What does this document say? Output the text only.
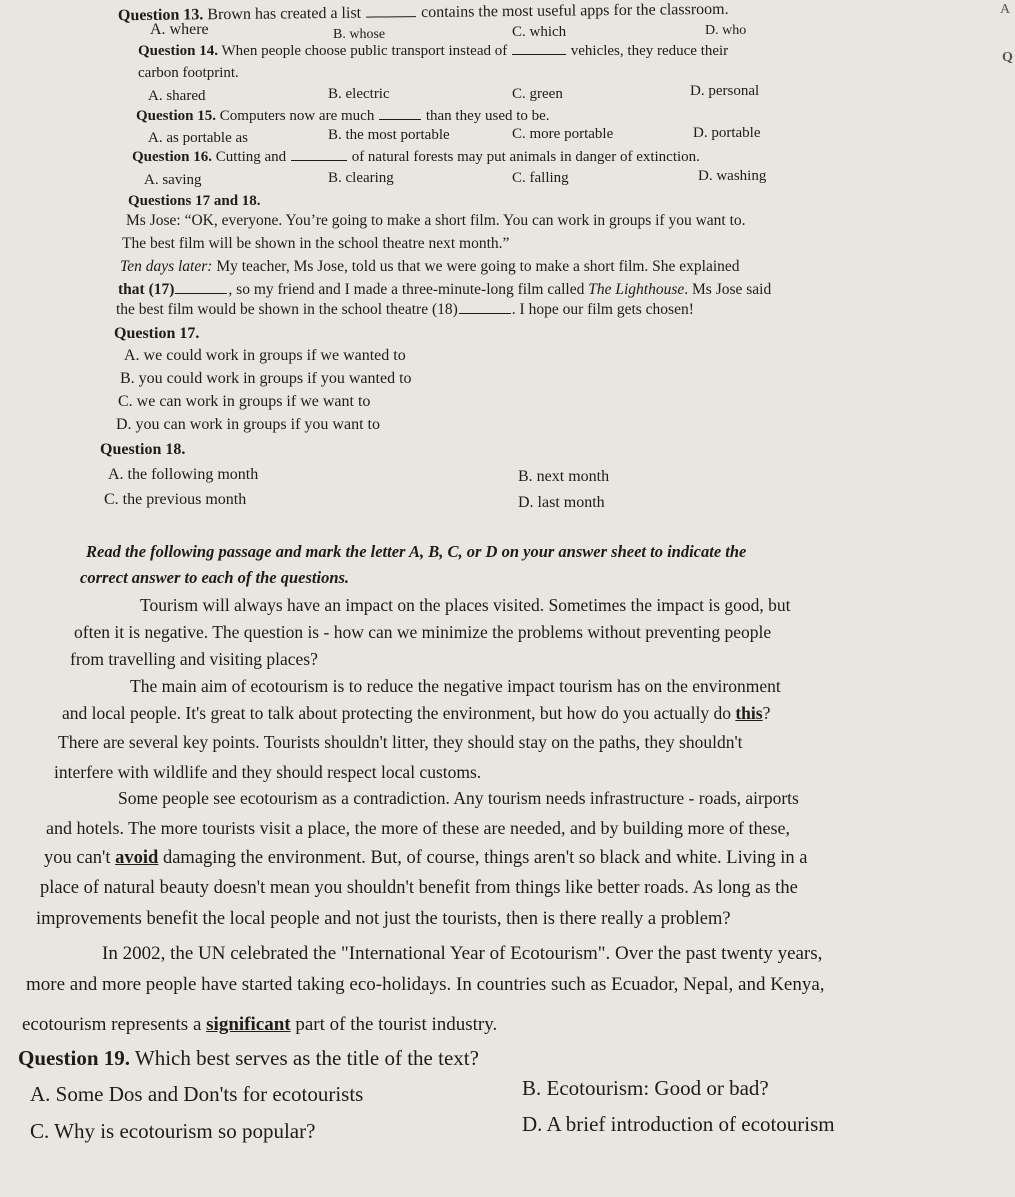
Question 13. Brown has created a list	contains the most useful apps for the classroom.
A. where	B. whose	C. which	D. who
Question 14. When people choose public transport instead of	vehicles, they reduce their
carbon footprint.
A. shared	B. electric	C. green	D. personal
Question 15. Computers now are much	than they used to be.
A. as portable as	B. the most portable	C. more portable	D. portable
Question 16. Cutting and	of natural forests may put animals in danger of extinction.
A. saving	B. clearing	C. falling	D. washing
Questions 17 and 18.
Ms Jose: “OK, everyone. You’re going to make a short film. You can work in groups if you want to.
The best film will be shown in the school theatre next month.”
Ten days later: My teacher, Ms Jose, told us that we were going to make a short film. She explained
that (17)	, so my friend and I made a three-minute-long film called The Lighthouse. Ms Jose said
the best film would be shown in the school theatre (18)	. I hope our film gets chosen!
Question 17.
A. we could work in groups if we wanted to
B. you could work in groups if you wanted to
C. we can work in groups if we want to
D. you can work in groups if you want to
Question 18.
A. the following month	B. next month
C. the previous month	D. last month
Read the following passage and mark the letter A, B, C, or D on your answer sheet to indicate the
correct answer to each of the questions.
Tourism will always have an impact on the places visited. Sometimes the impact is good, but
often it is negative. The question is - how can we minimize the problems without preventing people
from travelling and visiting places?
The main aim of ecotourism is to reduce the negative impact tourism has on the environment
and local people. It's great to talk about protecting the environment, but how do you actually do this?
There are several key points. Tourists shouldn't litter, they should stay on the paths, they shouldn't
interfere with wildlife and they should respect local customs.
Some people see ecotourism as a contradiction. Any tourism needs infrastructure - roads, airports
and hotels. The more tourists visit a place, the more of these are needed, and by building more of these,
you can't avoid damaging the environment. But, of course, things aren't so black and white. Living in a
place of natural beauty doesn't mean you shouldn't benefit from things like better roads. As long as the
improvements benefit the local people and not just the tourists, then is there really a problem?
In 2002, the UN celebrated the "International Year of Ecotourism". Over the past twenty years,
more and more people have started taking eco-holidays. In countries such as Ecuador, Nepal, and Kenya,
ecotourism represents a significant part of the tourist industry.
Question 19. Which best serves as the title of the text?
A. Some Dos and Don'ts for ecotourists	B. Ecotourism: Good or bad?
C. Why is ecotourism so popular?	D. A brief introduction of ecotourism
A
Q
